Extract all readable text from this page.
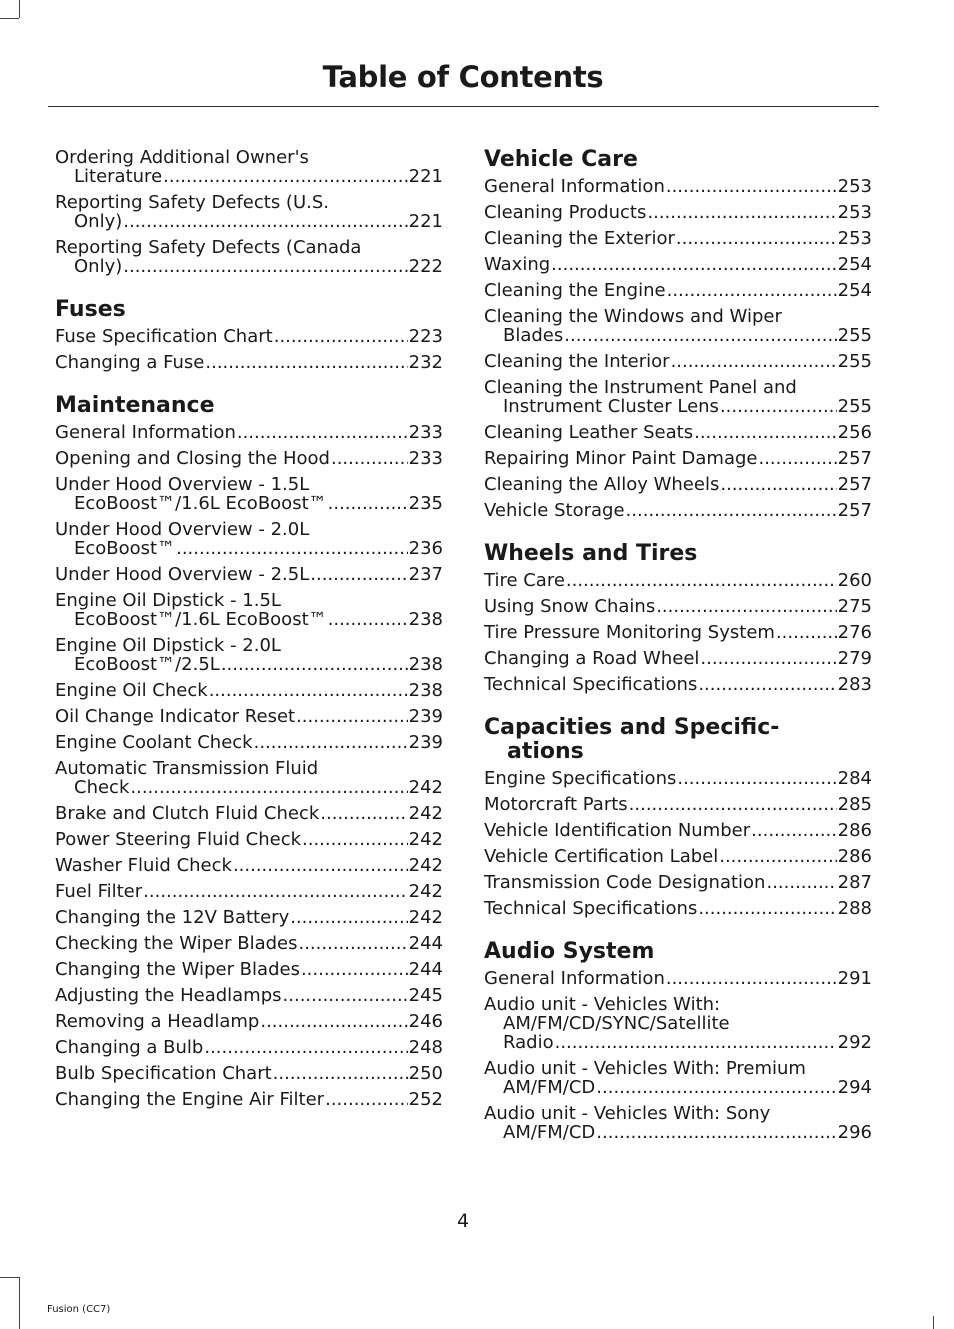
Table of Contents
Ordering Additional Owner's
Literature .....	221
Reporting Safety Defects (U.S.
Only) .....	221
Reporting Safety Defects (Canada
Only) .....	222
Fuses
Fuse Specification Chart .....	223
Changing a Fuse .....	232
Maintenance
General Information .....	233
Opening and Closing the Hood .....	233
Under Hood Overview - 1.5L
EcoBoost™/1.6L EcoBoost™ .....	235
Under Hood Overview - 2.0L
EcoBoost™ .....	236
Under Hood Overview - 2.5L .....	237
Engine Oil Dipstick - 1.5L
EcoBoost™/1.6L EcoBoost™ .....	238
Engine Oil Dipstick - 2.0L
EcoBoost™/2.5L .....	238
Engine Oil Check .....	238
Oil Change Indicator Reset .....	239
Engine Coolant Check .....	239
Automatic Transmission Fluid
Check .....	242
Brake and Clutch Fluid Check .....	242
Power Steering Fluid Check .....	242
Washer Fluid Check .....	242
Fuel Filter .....	242
Changing the 12V Battery .....	242
Checking the Wiper Blades .....	244
Changing the Wiper Blades .....	244
Adjusting the Headlamps .....	245
Removing a Headlamp .....	246
Changing a Bulb .....	248
Bulb Specification Chart .....	250
Changing the Engine Air Filter .....	252
Vehicle Care
General Information .....	253
Cleaning Products .....	253
Cleaning the Exterior .....	253
Waxing .....	254
Cleaning the Engine .....	254
Cleaning the Windows and Wiper
Blades .....	255
Cleaning the Interior .....	255
Cleaning the Instrument Panel and
Instrument Cluster Lens .....	255
Cleaning Leather Seats .....	256
Repairing Minor Paint Damage .....	257
Cleaning the Alloy Wheels .....	257
Vehicle Storage .....	257
Wheels and Tires
Tire Care .....	260
Using Snow Chains .....	275
Tire Pressure Monitoring System .....	276
Changing a Road Wheel .....	279
Technical Specifications .....	283
Capacities and Specific-
ations
Engine Specifications .....	284
Motorcraft Parts .....	285
Vehicle Identification Number .....	286
Vehicle Certification Label .....	286
Transmission Code Designation .....	287
Technical Specifications .....	288
Audio System
General Information .....	291
Audio unit - Vehicles With:
AM/FM/CD/SYNC/Satellite
Radio .....	292
Audio unit - Vehicles With: Premium
AM/FM/CD .....	294
Audio unit - Vehicles With: Sony
AM/FM/CD .....	296
4
Fusion (CC7)
